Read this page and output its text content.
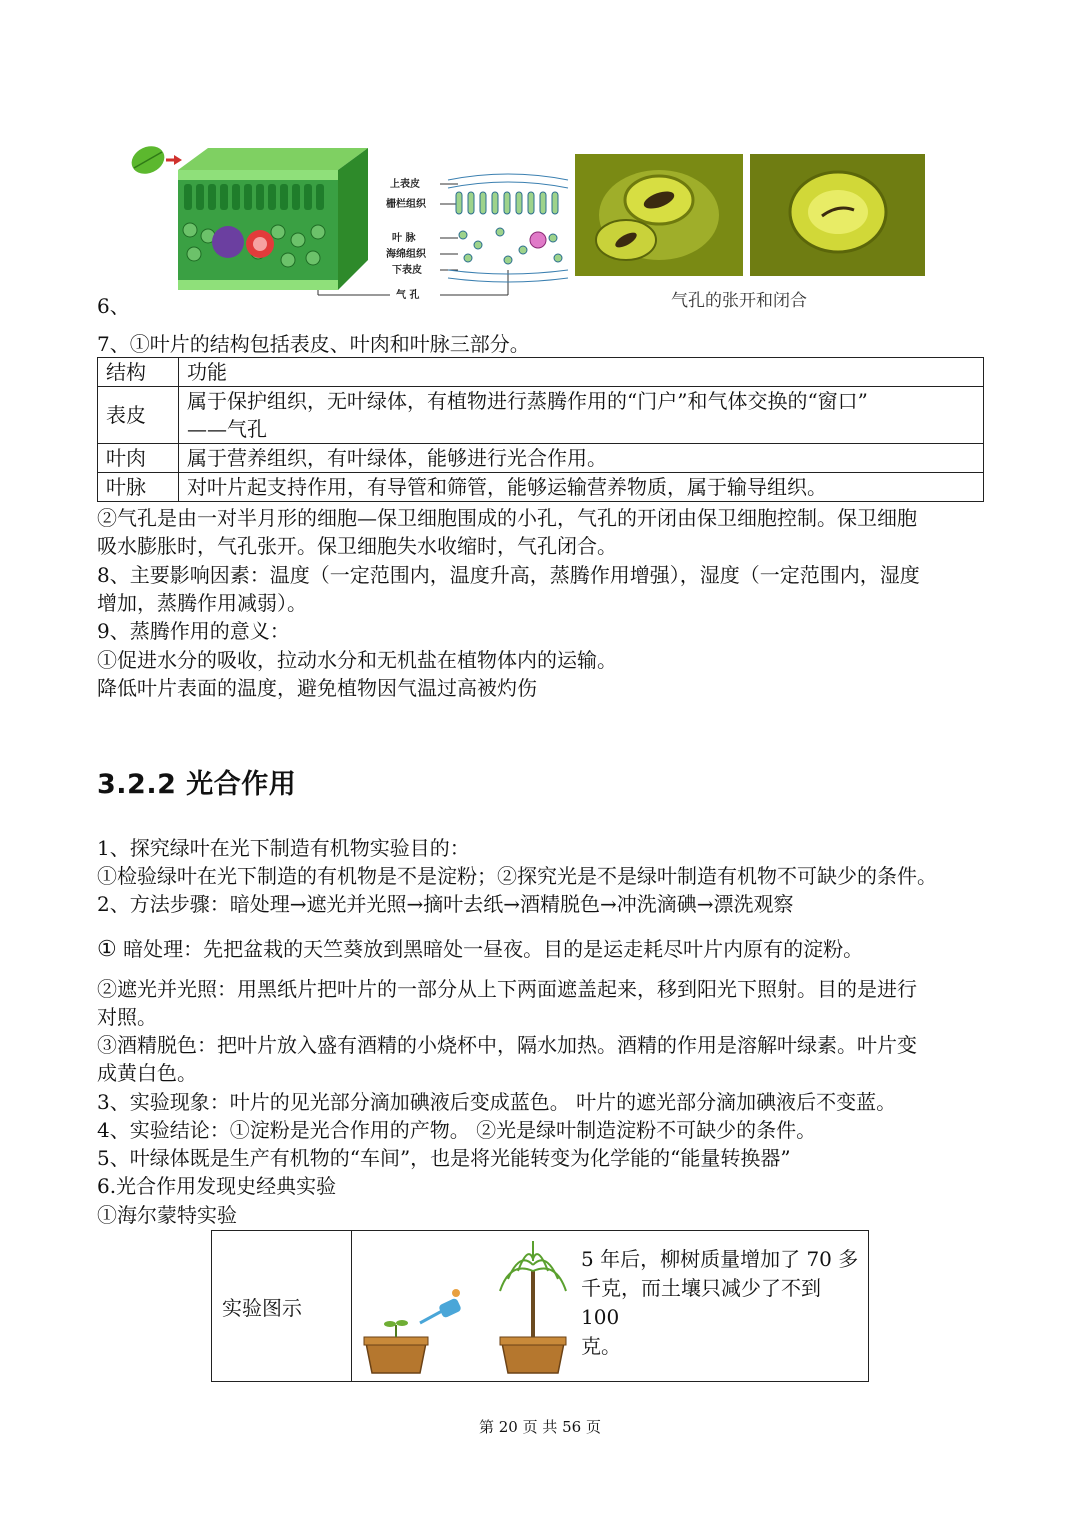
上表皮
栅栏组织
叶 脉
海绵组织
下表皮
气 孔	气孔的张开和闭合
6、
7、①叶片的结构包括表皮、叶肉和叶脉三部分。
结构	功能
表皮	属于保护组织，无叶绿体，有植物进行蒸腾作用的“门户”和气体交换的“窗口”
——气孔

叶肉	属于营养组织，有叶绿体，能够进行光合作用。
叶脉	对叶片起支持作用，有导管和筛管，能够运输营养物质，属于输导组织。
②气孔是由一对半月形的细胞—保卫细胞围成的小孔，气孔的开闭由保卫细胞控制。保卫细胞
吸水膨胀时，气孔张开。保卫细胞失水收缩时，气孔闭合。
8、主要影响因素：温度（一定范围内，温度升高，蒸腾作用增强），湿度（一定范围内，湿度
增加，蒸腾作用减弱）。
9、蒸腾作用的意义：
①促进水分的吸收，拉动水分和无机盐在植物体内的运输。
降低叶片表面的温度，避免植物因气温过高被灼伤
3.2.2 光合作用
1、探究绿叶在光下制造有机物实验目的：
①检验绿叶在光下制造的有机物是不是淀粉；②探究光是不是绿叶制造有机物不可缺少的条件。
2、方法步骤：暗处理→遮光并光照→摘叶去纸→酒精脱色→冲洗滴碘→漂洗观察
① 暗处理：先把盆栽的天竺葵放到黑暗处一昼夜。目的是运走耗尽叶片内原有的淀粉。
②遮光并光照：用黑纸片把叶片的一部分从上下两面遮盖起来，移到阳光下照射。目的是进行
对照。
③酒精脱色：把叶片放入盛有酒精的小烧杯中，隔水加热。酒精的作用是溶解叶绿素。叶片变
成黄白色。
3、实验现象：叶片的见光部分滴加碘液后变成蓝色。 叶片的遮光部分滴加碘液后不变蓝。
4、实验结论：①淀粉是光合作用的产物。 ②光是绿叶制造淀粉不可缺少的条件。
5、叶绿体既是生产有机物的“车间”，也是将光能转变为化学能的“能量转换器”
6.光合作用发现史经典实验
①海尔蒙特实验
实验图示	
5 年后，柳树质量增加了 70 多
千克，而土壤只减少了不到 100
克。
第 20 页 共 56 页
